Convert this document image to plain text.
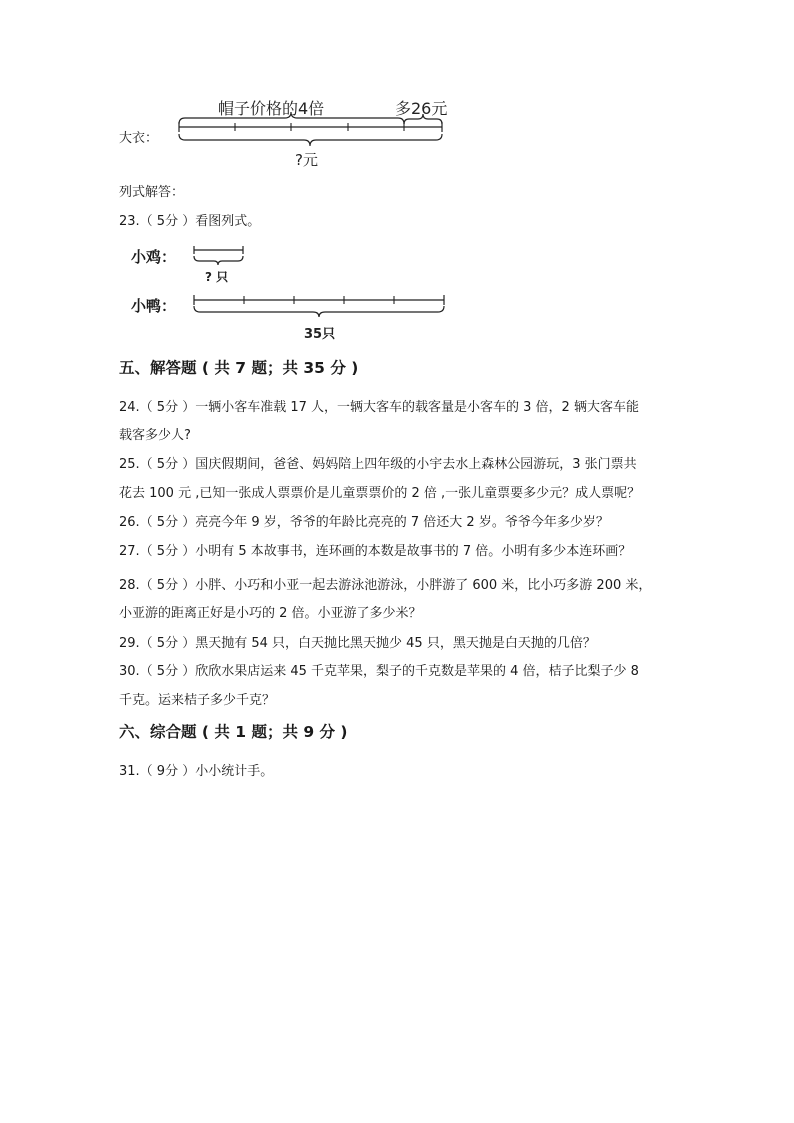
大衣：
帽子价格的4倍	多26元
?元
列式解答：
23.（ 5分 ）看图列式。
小鸡：
小鸭：
? 只
35只
五、解答题 ( 共 7 题；共 35 分 )
24.（ 5分 ）一辆小客车准载 17 人，一辆大客车的载客量是小客车的 3 倍，2 辆大客车能
载客多少人?
25.（ 5分 ）国庆假期间，爸爸、妈妈陪上四年级的小宇去水上森林公园游玩，3 张门票共
花去 100 元 ,已知一张成人票票价是儿童票票价的 2 倍 ,一张儿童票要多少元？成人票呢？
26.（ 5分 ）亮亮今年 9 岁，爷爷的年龄比亮亮的 7 倍还大 2 岁。爷爷今年多少岁？
27.（ 5分 ）小明有 5 本故事书，连环画的本数是故事书的 7 倍。小明有多少本连环画？
28.（ 5分 ）小胖、小巧和小亚一起去游泳池游泳，小胖游了 600 米，比小巧多游 200 米，
小亚游的距离正好是小巧的 2 倍。小亚游了多少米？
29.（ 5分 ）黑天抛有 54 只，白天抛比黑天抛少 45 只，黑天抛是白天抛的几倍？
30.（ 5分 ）欣欣水果店运来 45 千克苹果，梨子的千克数是苹果的 4 倍，桔子比梨子少 8
千克。运来桔子多少千克？
六、综合题 ( 共 1 题；共 9 分 )
31.（ 9分 ）小小统计手。
